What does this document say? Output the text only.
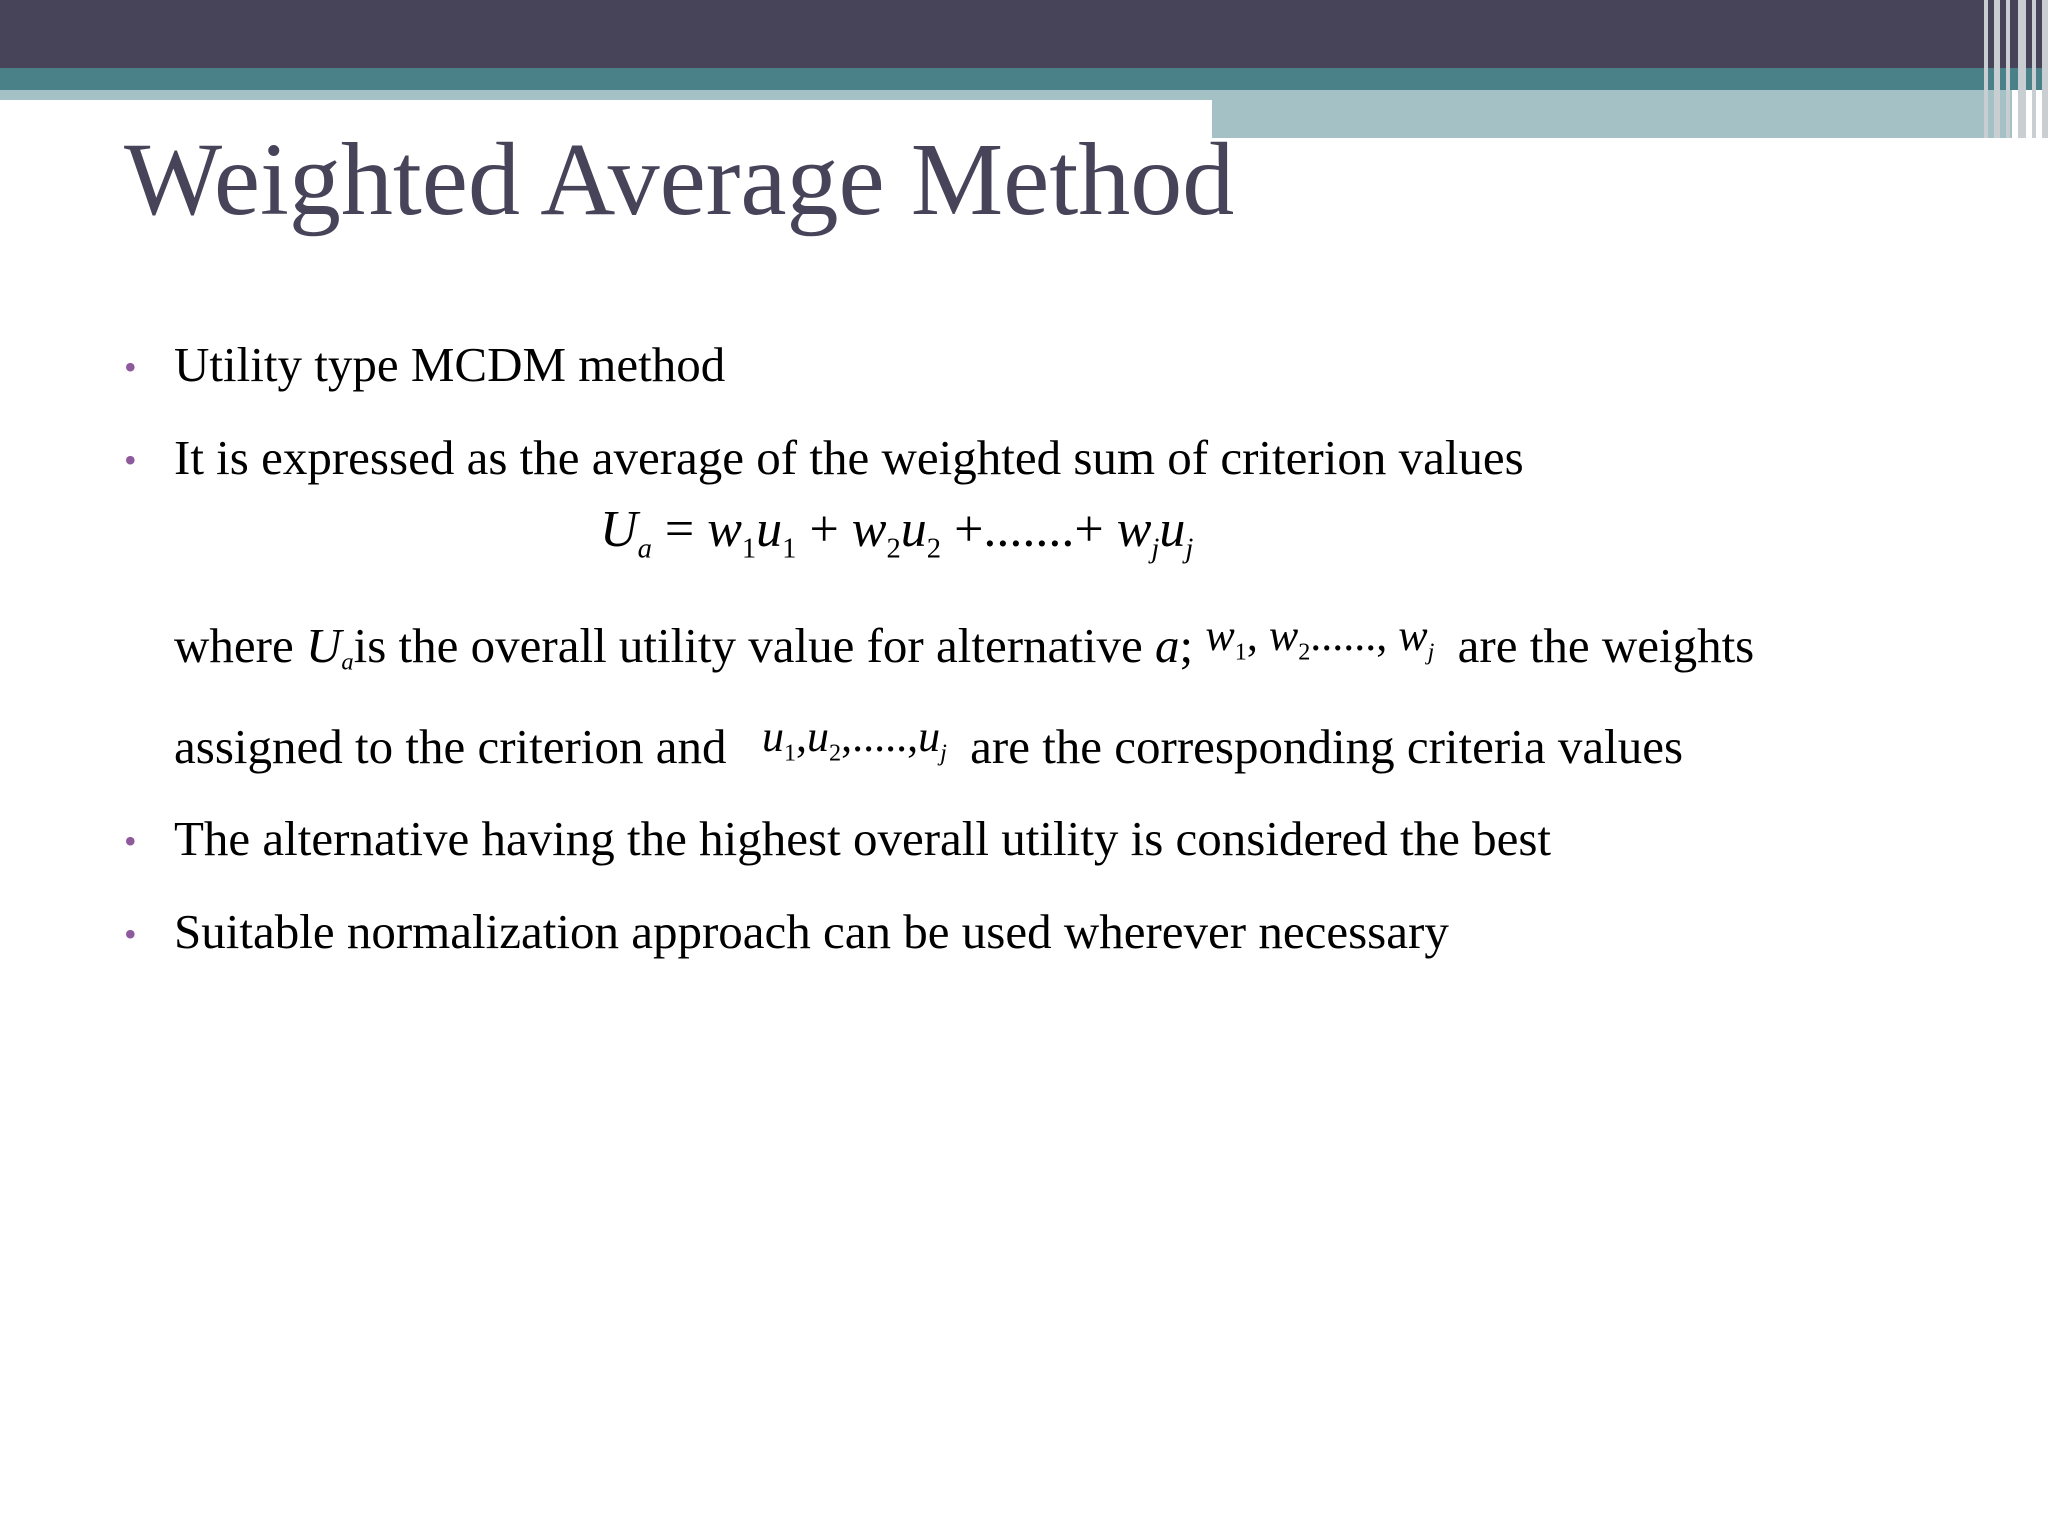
Weighted Average Method
• Utility type MCDM method
• It is expressed as the average of the weighted sum of criterion values
$U_a = w_1u_1 + w_2u_2$ +.......+ $w_ju_j$
where Uais the overall utility value for alternative a; $w_1$, $w_2$......, $w_j$ are the weights
assigned to the criterion and $u_1,u_2,.....,u_j$ are the corresponding criteria values
• The alternative having the highest overall utility is considered the best
• Suitable normalization approach can be used wherever necessary
